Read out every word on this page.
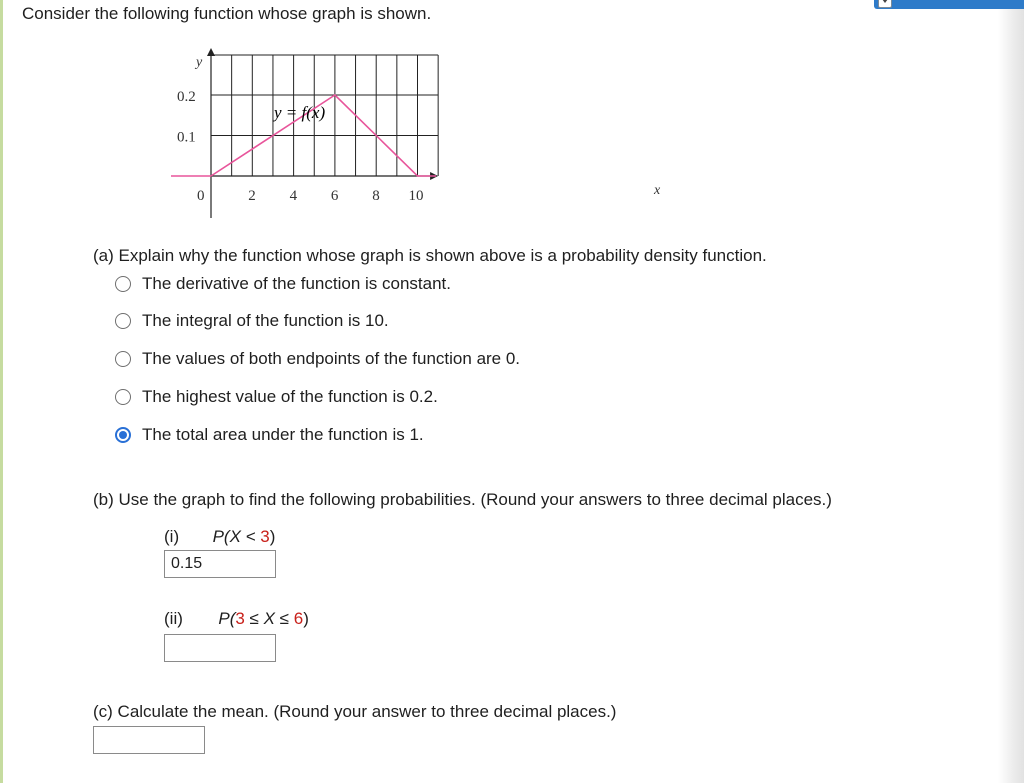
Consider the following function whose graph is shown.
0	2 4 6 8 10
0.2
0.1
y = f(x)
y
x
(a) Explain why the function whose graph is shown above is a probability density function.
The derivative of the function is constant.
The integral of the function is 10.
The values of both endpoints of the function are 0.
The highest value of the function is 0.2.
The total area under the function is 1.
(b) Use the graph to find the following probabilities. (Round your answers to three decimal places.)
(i) P(X < 3)
0.15
(ii) P(3 ≤ X ≤ 6)
(c) Calculate the mean. (Round your answer to three decimal places.)
